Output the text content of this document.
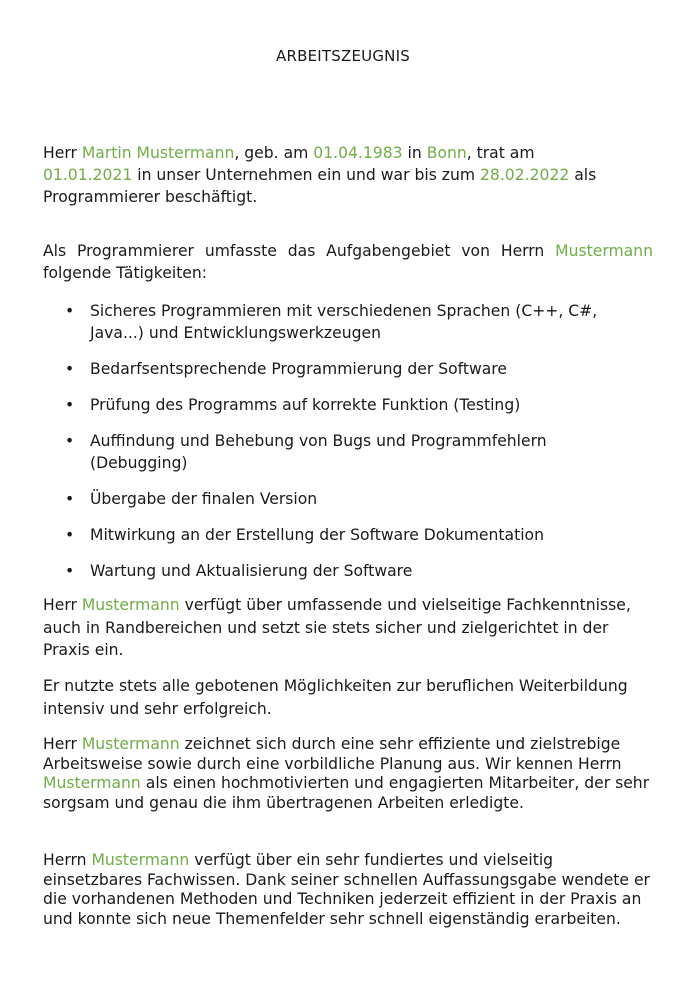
ARBEITSZEUGNIS

Herr Martin Mustermann, geb. am 01.04.1983 in Bonn, trat am
01.01.2021 in unser Unternehmen ein und war bis zum 28.02.2022 als Programmierer beschäftigt.

Als Programmierer umfasste das Aufgabengebiet von Herrn Mustermann folgende Tätigkeiten:

• Sicheres Programmieren mit verschiedenen Sprachen (C++, C#, Java...) und Entwicklungswerkzeugen
• Bedarfsentsprechende Programmierung der Software
• Prüfung des Programms auf korrekte Funktion (Testing)
• Auffindung und Behebung von Bugs und Programmfehlern (Debugging)
• Übergabe der finalen Version
• Mitwirkung an der Erstellung der Software Dokumentation
• Wartung und Aktualisierung der Software

Herr Mustermann verfügt über umfassende und vielseitige Fachkenntnisse, auch in Randbereichen und setzt sie stets sicher und zielgerichtet in der Praxis ein.

Er nutzte stets alle gebotenen Möglichkeiten zur beruflichen Weiterbildung intensiv und sehr erfolgreich.

Herr Mustermann zeichnet sich durch eine sehr effiziente und zielstrebige Arbeitsweise sowie durch eine vorbildliche Planung aus. Wir kennen Herrn Mustermann als einen hochmotivierten und engagierten Mitarbeiter, der sehr sorgsam und genau die ihm übertragenen Arbeiten erledigte.

Herrn Mustermann verfügt über ein sehr fundiertes und vielseitig einsetzbares Fachwissen. Dank seiner schnellen Auffassungsgabe wendete er die vorhandenen Methoden und Techniken jederzeit effizient in der Praxis an und konnte sich neue Themenfelder sehr schnell eigenständig erarbeiten.
